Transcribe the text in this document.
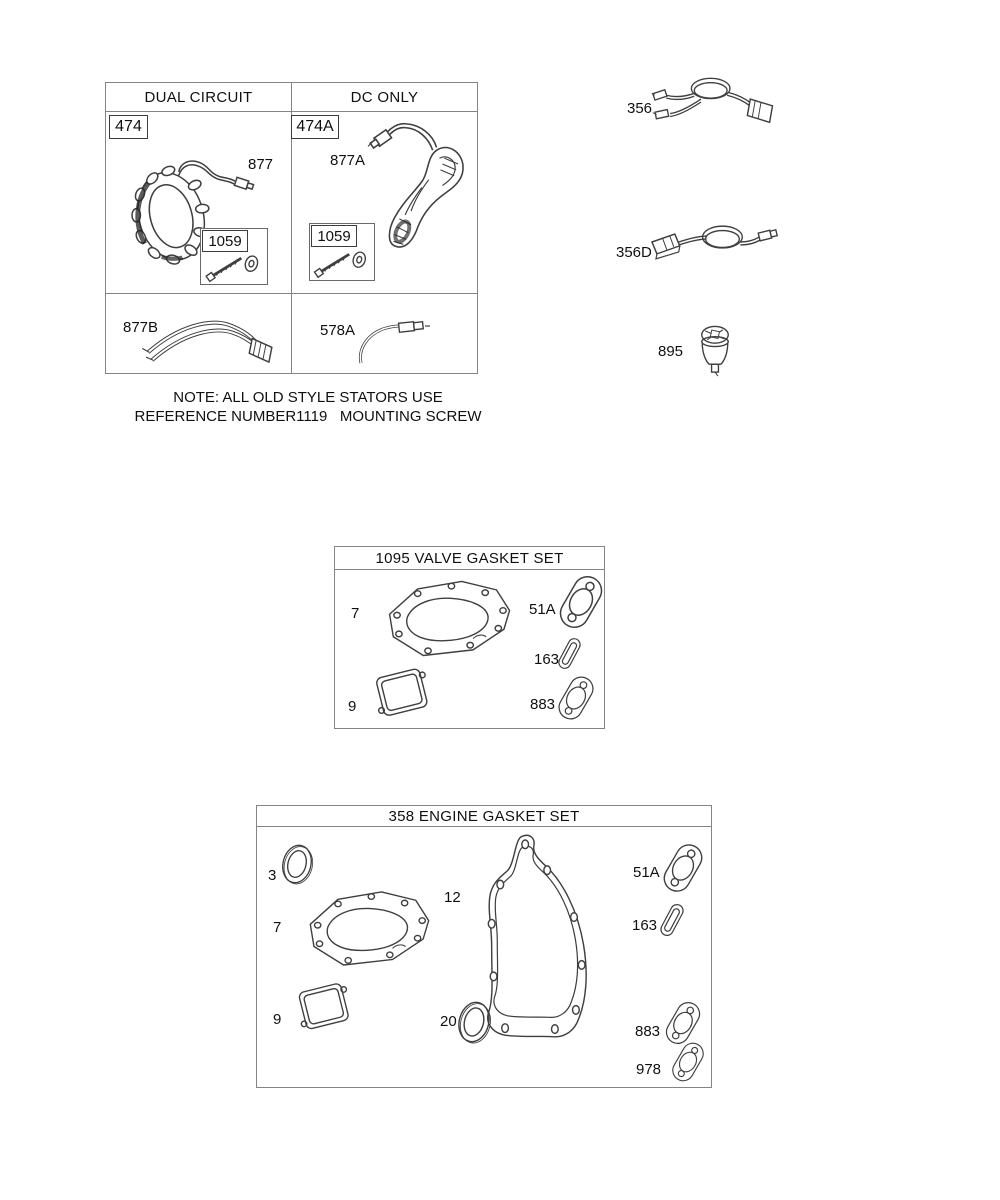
DUAL CIRCUIT	DC ONLY
474
877
1059
474A
877A
1059
877B	578A
356
356D
895
NOTE: ALL OLD STYLE STATORS USE
REFERENCE NUMBER1119   MOUNTING SCREW
1095 VALVE GASKET SET
7
9
51A
163
883
358 ENGINE GASKET SET
3
7
9
12
20
51A
163
883
978
